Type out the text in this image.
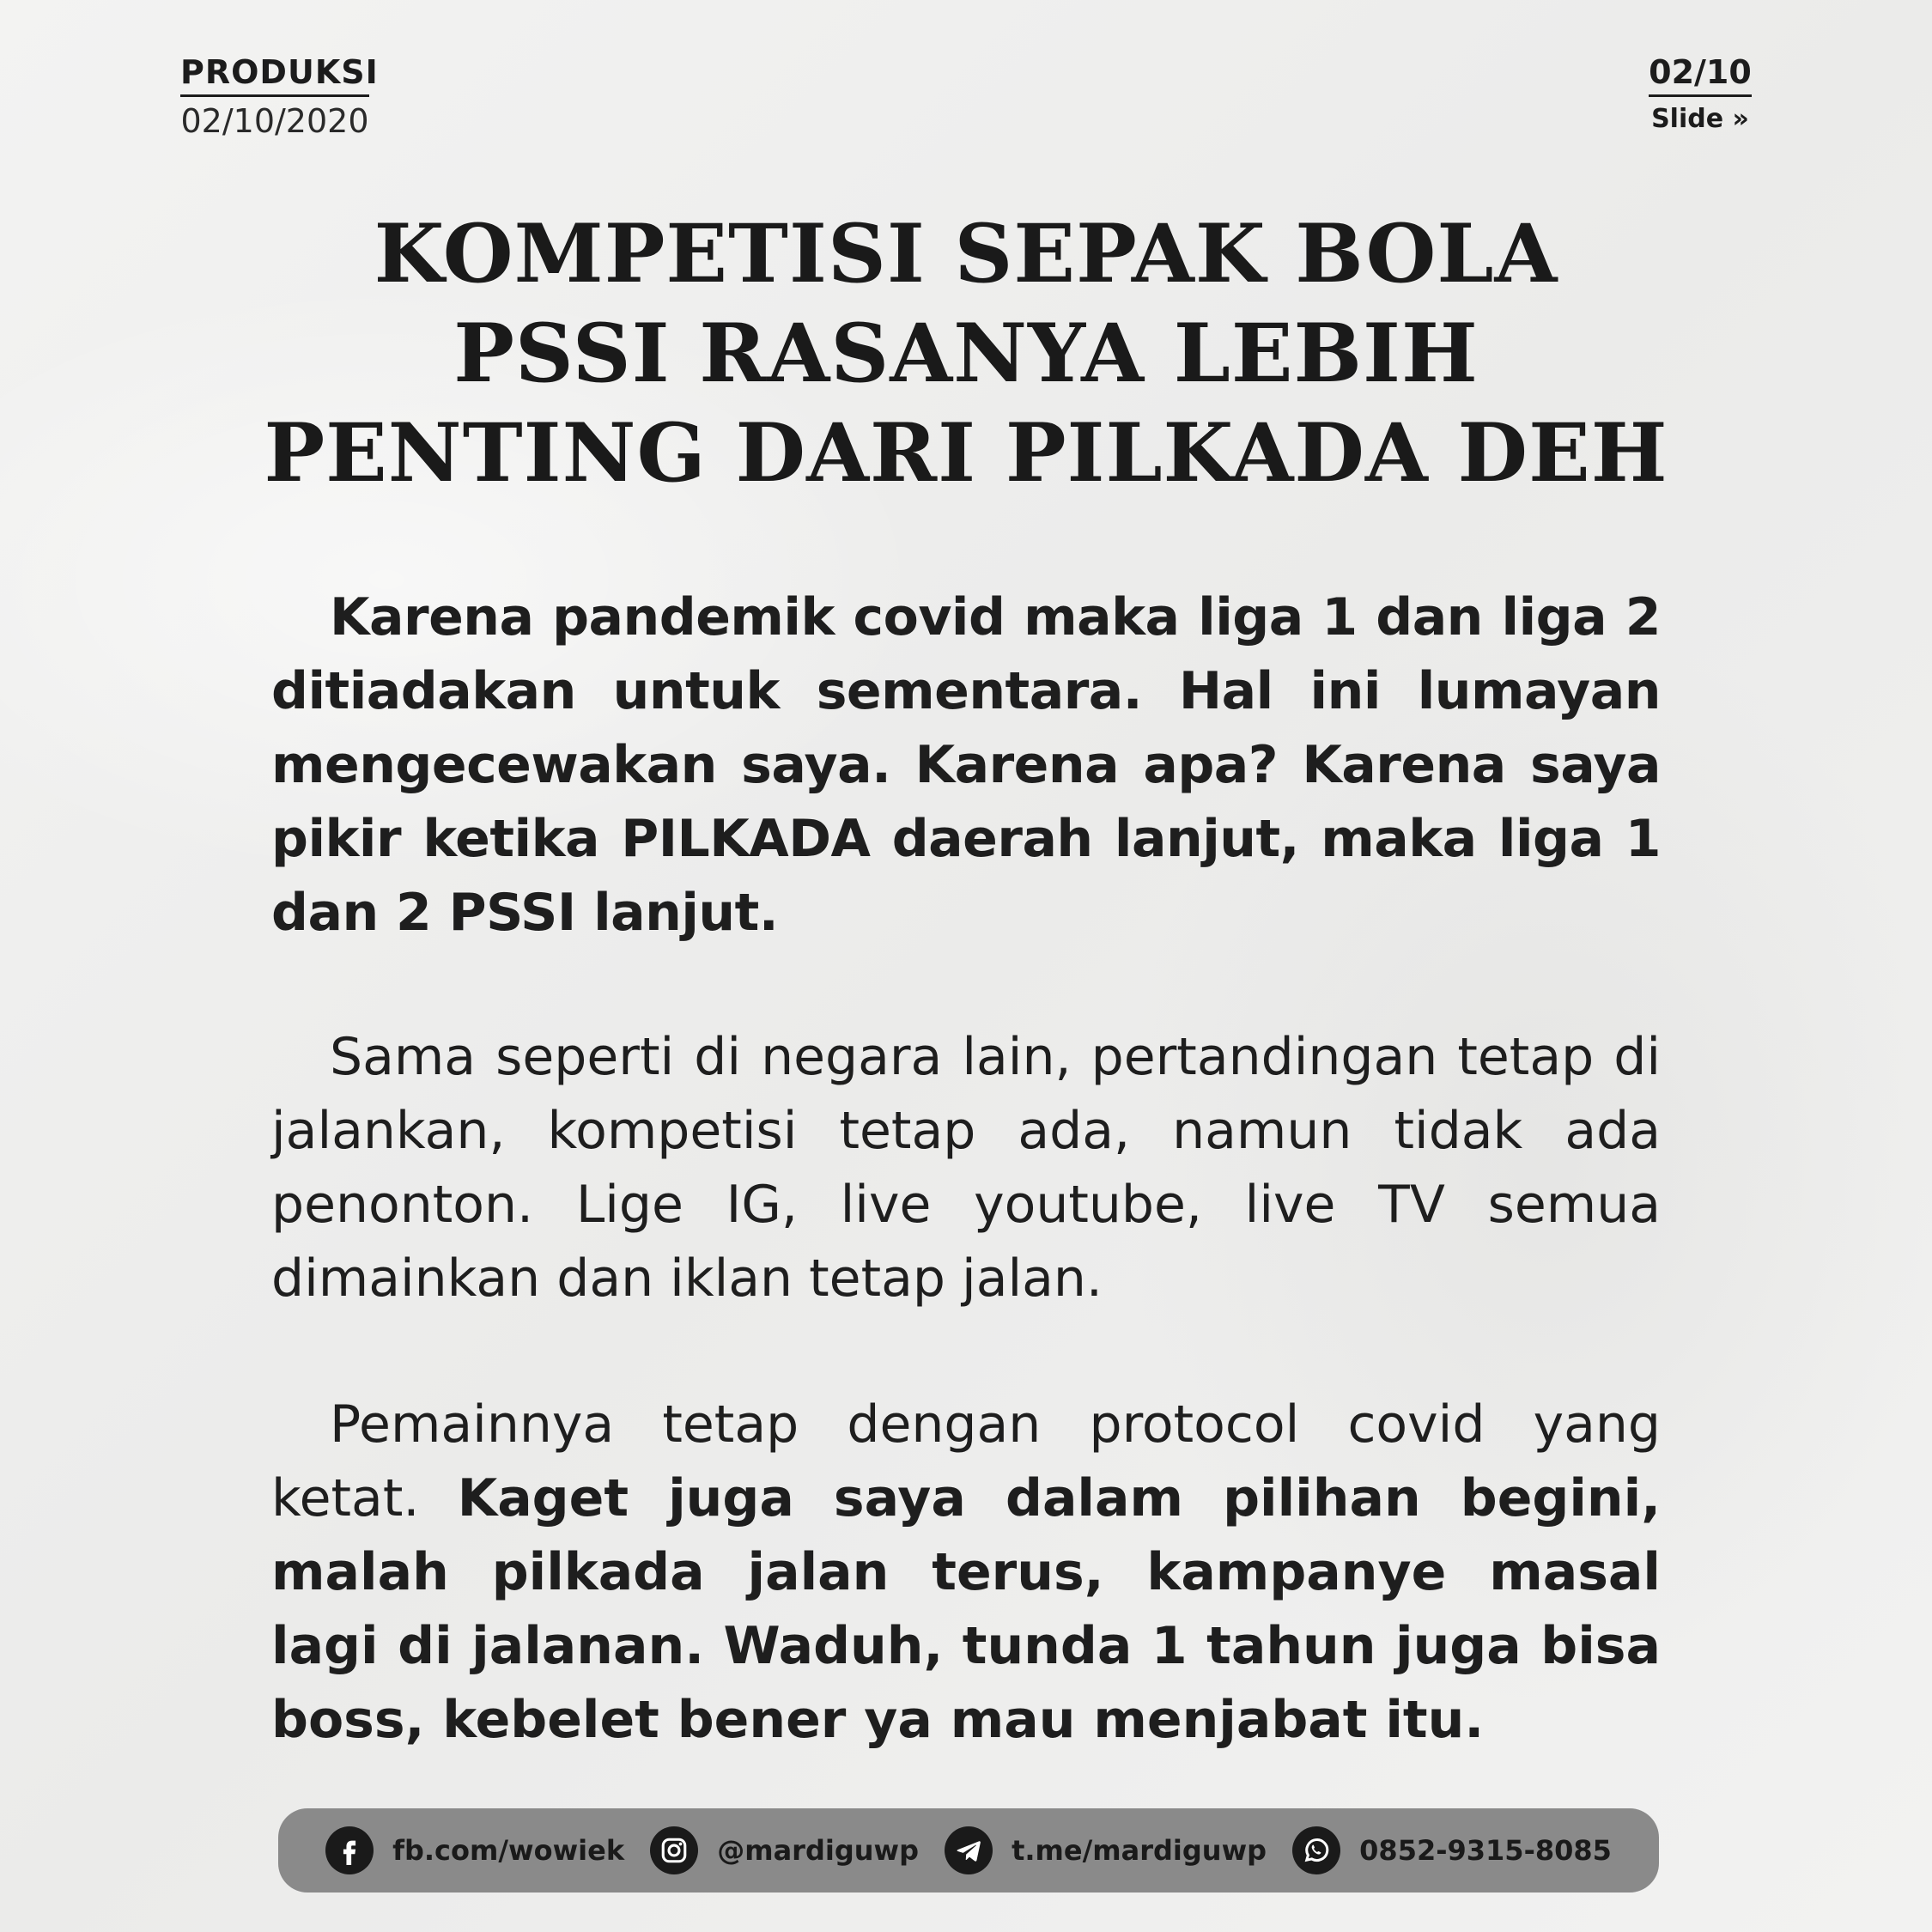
PRODUKSI
02/10/2020
02/10
Slide »
KOMPETISI SEPAK BOLA PSSI RASANYA LEBIH PENTING DARI PILKADA DEH
Karena pandemik covid maka liga 1 dan liga 2 ditiadakan untuk sementara. Hal ini lumayan mengecewakan saya. Karena apa? Karena saya pikir ketika PILKADA daerah lanjut, maka liga 1 dan 2 PSSI lanjut.
Sama seperti di negara lain, pertandingan tetap di jalankan, kompetisi tetap ada, namun tidak ada penonton. Lige IG, live youtube, live TV semua dimainkan dan iklan tetap jalan.
Pemainnya tetap dengan protocol covid yang ketat. Kaget juga saya dalam pilihan begini, malah pilkada jalan terus, kampanye masal lagi di jalanan. Waduh, tunda 1 tahun juga bisa boss, kebelet bener ya mau menjabat itu.
fb.com/wowiek	@mardiguwp	t.me/mardiguwp	0852-9315-8085
